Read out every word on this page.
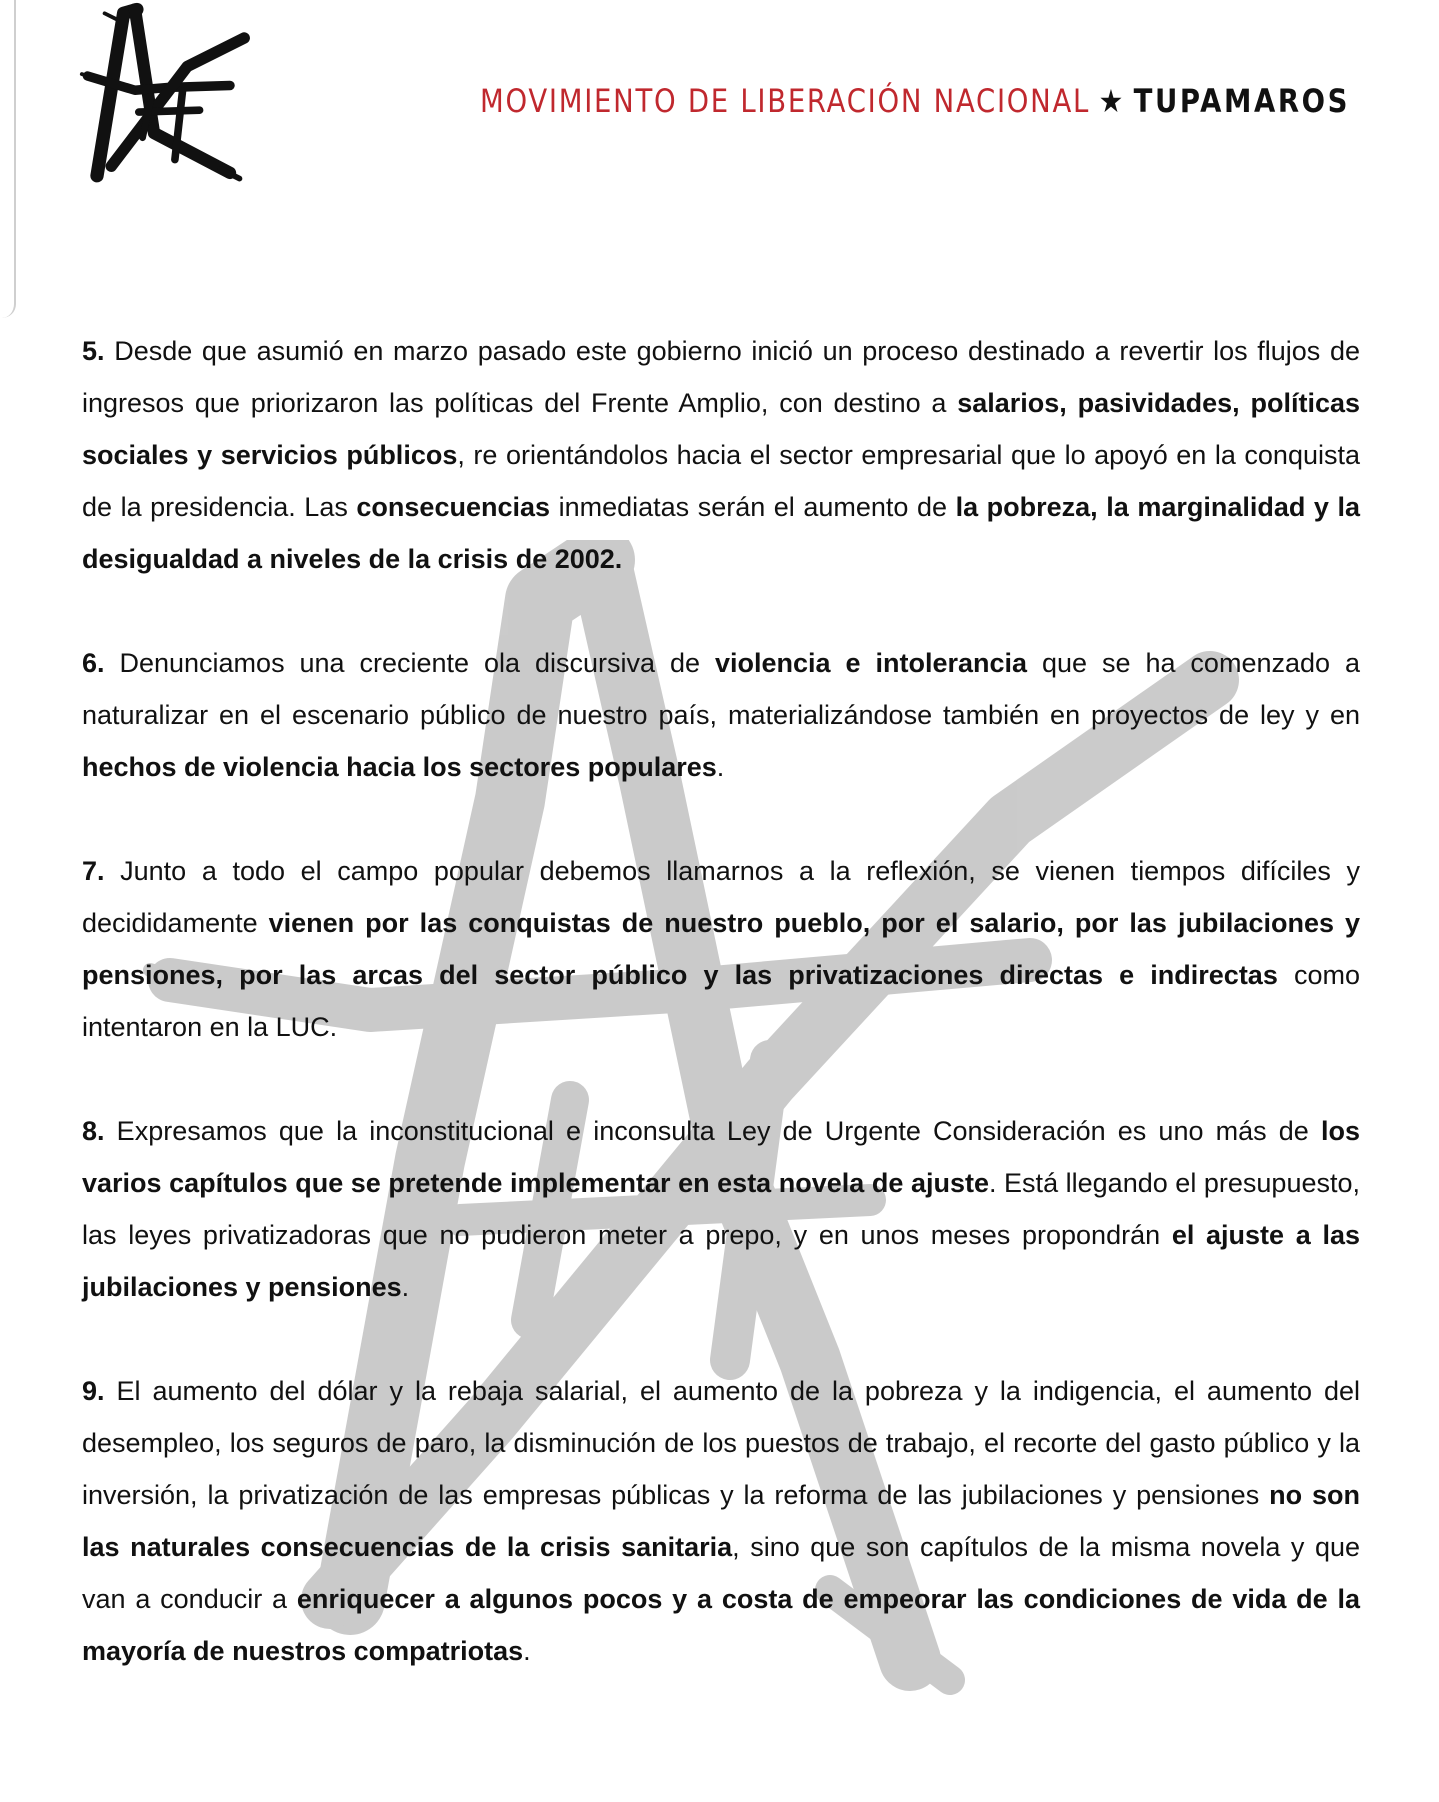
MOVIMIENTO DE LIBERACIÓN NACIONAL ★ TUPAMAROS

5. Desde que asumió en marzo pasado este gobierno inició un proceso destinado a revertir los flujos de ingresos que priorizaron las políticas del Frente Amplio, con destino a salarios, pasividades, políticas sociales y servicios públicos, re orientándolos hacia el sector empresarial que lo apoyó en la conquista de la presidencia. Las consecuencias inmediatas serán el aumento de la pobreza, la marginalidad y la desigualdad a niveles de la crisis de 2002.

6. Denunciamos una creciente ola discursiva de violencia e intolerancia que se ha comenzado a naturalizar en el escenario público de nuestro país, materializándose también en proyectos de ley y en hechos de violencia hacia los sectores populares.

7. Junto a todo el campo popular debemos llamarnos a la reflexión, se vienen tiempos difíciles y decididamente vienen por las conquistas de nuestro pueblo, por el salario, por las jubilaciones y pensiones, por las arcas del sector público y las privatizaciones directas e indirectas como intentaron en la LUC.

8. Expresamos que la inconstitucional e inconsulta Ley de Urgente Consideración es uno más de los varios capítulos que se pretende implementar en esta novela de ajuste. Está llegando el presupuesto, las leyes privatizadoras que no pudieron meter a prepo, y en unos meses propondrán el ajuste a las jubilaciones y pensiones.

9. El aumento del dólar y la rebaja salarial, el aumento de la pobreza y la indigencia, el aumento del desempleo, los seguros de paro, la disminución de los puestos de trabajo, el recorte del gasto público y la inversión, la privatización de las empresas públicas y la reforma de las jubilaciones y pensiones no son las naturales consecuencias de la crisis sanitaria, sino que son capítulos de la misma novela y que van a conducir a enriquecer a algunos pocos y a costa de empeorar las condiciones de vida de la mayoría de nuestros compatriotas.
